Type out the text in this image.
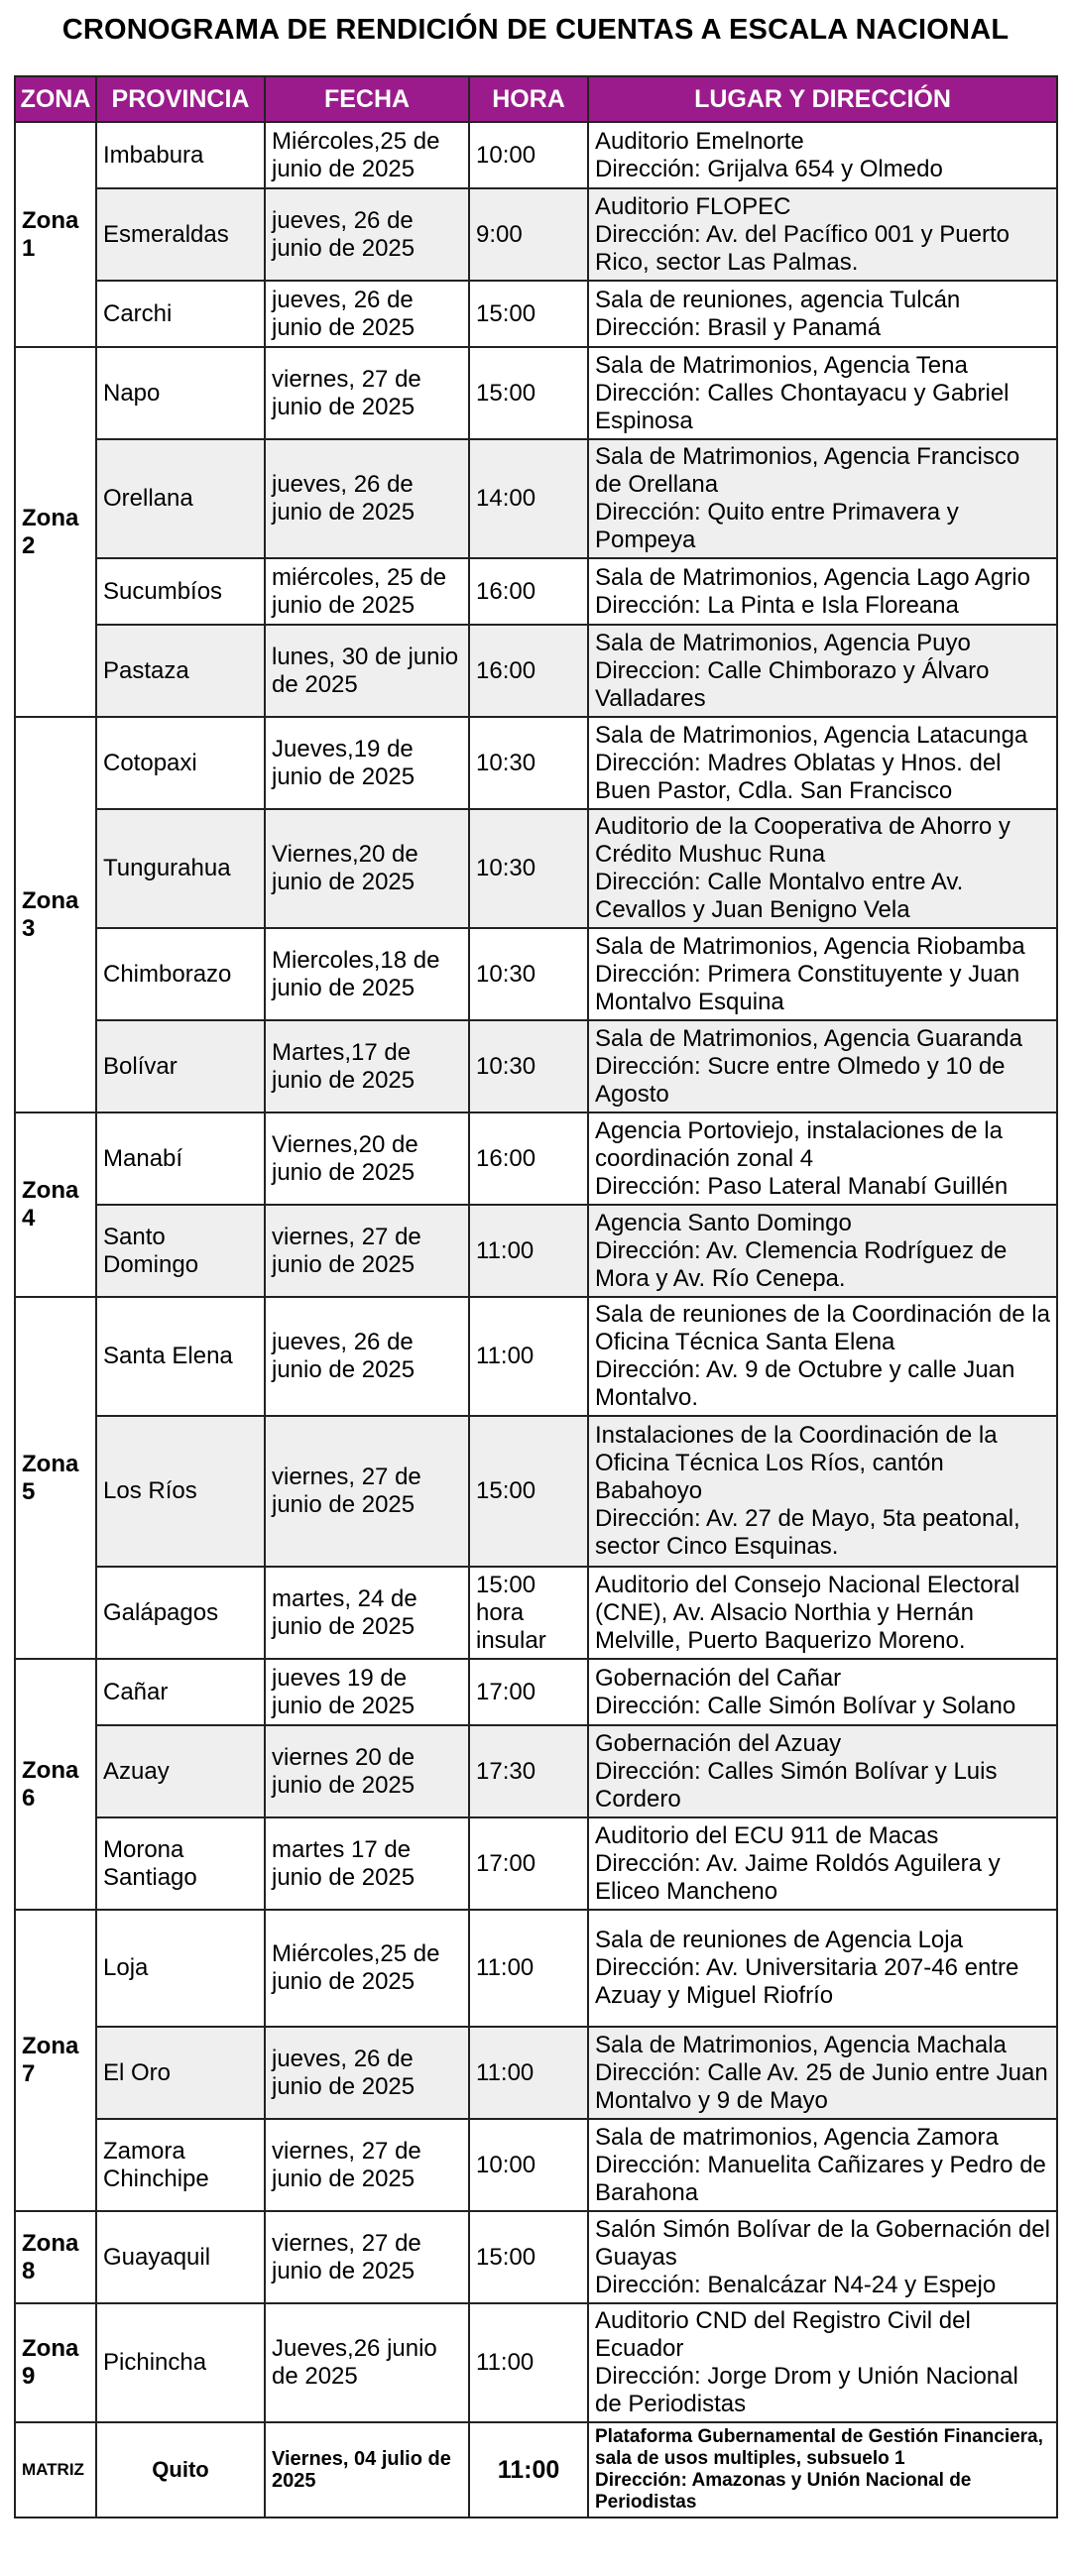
CRONOGRAMA DE RENDICIÓN DE CUENTAS A ESCALA NACIONAL
ZONA	PROVINCIA	FECHA	HORA	LUGAR Y DIRECCIÓN
Zona 1	Imbabura	Miércoles,25 de junio de 2025	10:00	Auditorio Emelnorte
Dirección: Grijalva 654 y Olmedo

	Esmeraldas	jueves, 26 de junio de 2025	9:00	Auditorio FLOPEC
Dirección: Av. del Pacífico 001 y Puerto Rico, sector Las Palmas.

	Carchi	jueves, 26 de junio de 2025	15:00	Sala de reuniones, agencia Tulcán
Dirección: Brasil y Panamá

Zona 2	Napo	viernes, 27 de junio de 2025	15:00	Sala de Matrimonios, Agencia Tena
Dirección: Calles Chontayacu y Gabriel Espinosa

	Orellana	jueves, 26 de junio de 2025	14:00	Sala de Matrimonios, Agencia Francisco de Orellana
Dirección: Quito entre Primavera y Pompeya

	Sucumbíos	miércoles, 25 de junio de 2025	16:00	Sala de Matrimonios, Agencia Lago Agrio
Dirección: La Pinta e Isla Floreana

	Pastaza	lunes, 30 de junio de 2025	16:00	Sala de Matrimonios, Agencia Puyo
Direccion: Calle Chimborazo y Álvaro Valladares

Zona 3	Cotopaxi	Jueves,19 de junio de 2025	10:30	Sala de Matrimonios, Agencia Latacunga
Dirección: Madres Oblatas y Hnos. del Buen Pastor, Cdla. San Francisco

	Tungurahua	Viernes,20 de junio de 2025	10:30	Auditorio de la Cooperativa de Ahorro y Crédito Mushuc Runa
Dirección: Calle Montalvo entre Av. Cevallos y Juan Benigno Vela

	Chimborazo	Miercoles,18 de junio de 2025	10:30	Sala de Matrimonios, Agencia Riobamba
Dirección: Primera Constituyente y Juan Montalvo Esquina

	Bolívar	Martes,17 de junio de 2025	10:30	Sala de Matrimonios, Agencia Guaranda
Dirección: Sucre entre Olmedo y 10 de Agosto

Zona 4	Manabí	Viernes,20 de junio de 2025	16:00	Agencia Portoviejo, instalaciones de la coordinación zonal 4
Dirección: Paso Lateral Manabí Guillén

	Santo Domingo	viernes, 27 de junio de 2025	11:00	Agencia Santo Domingo
Dirección: Av. Clemencia Rodríguez de Mora y Av. Río Cenepa.

Zona 5	Santa Elena	jueves, 26 de junio de 2025	11:00	Sala de reuniones de la Coordinación de la Oficina Técnica Santa Elena
Dirección: Av. 9 de Octubre y calle Juan Montalvo.

	Los Ríos	viernes, 27 de junio de 2025	15:00	Instalaciones de la Coordinación de la Oficina Técnica Los Ríos, cantón Babahoyo
Dirección: Av. 27 de Mayo, 5ta peatonal, sector Cinco Esquinas.

	Galápagos	martes, 24 de junio de 2025	15:00 hora insular	Auditorio del Consejo Nacional Electoral (CNE), Av. Alsacio Northia y Hernán Melville, Puerto Baquerizo Moreno.

Zona 6	Cañar	jueves 19 de junio de 2025	17:00	Gobernación del Cañar
Dirección: Calle Simón Bolívar y Solano

	Azuay	viernes 20 de junio de 2025	17:30	Gobernación del Azuay
Dirección: Calles Simón Bolívar y Luis Cordero

	Morona Santiago	martes 17 de junio de 2025	17:00	Auditorio del ECU 911 de Macas
Dirección: Av. Jaime Roldós Aguilera y Eliceo Mancheno

Zona 7	Loja	Miércoles,25 de junio de 2025	11:00	Sala de reuniones de Agencia Loja
Dirección: Av. Universitaria 207-46 entre Azuay y Miguel Riofrío

	El Oro	jueves, 26 de junio de 2025	11:00	Sala de Matrimonios, Agencia Machala
Dirección: Calle Av. 25 de Junio entre Juan Montalvo y 9 de Mayo

	Zamora Chinchipe	viernes, 27 de junio de 2025	10:00	Sala de matrimonios, Agencia Zamora
Dirección: Manuelita Cañizares y Pedro de Barahona

Zona 8	Guayaquil	viernes, 27 de junio de 2025	15:00	Salón Simón Bolívar de la Gobernación del Guayas
Dirección: Benalcázar N4-24 y Espejo

Zona 9	Pichincha	Jueves,26 junio de 2025	11:00	Auditorio CND del Registro Civil del Ecuador
Dirección: Jorge Drom y Unión Nacional de Periodistas

MATRIZ	Quito	Viernes, 04 julio de 2025	11:00	Plataforma Gubernamental de Gestión Financiera, sala de usos multiples, subsuelo 1
Dirección: Amazonas y Unión Nacional de Periodistas
